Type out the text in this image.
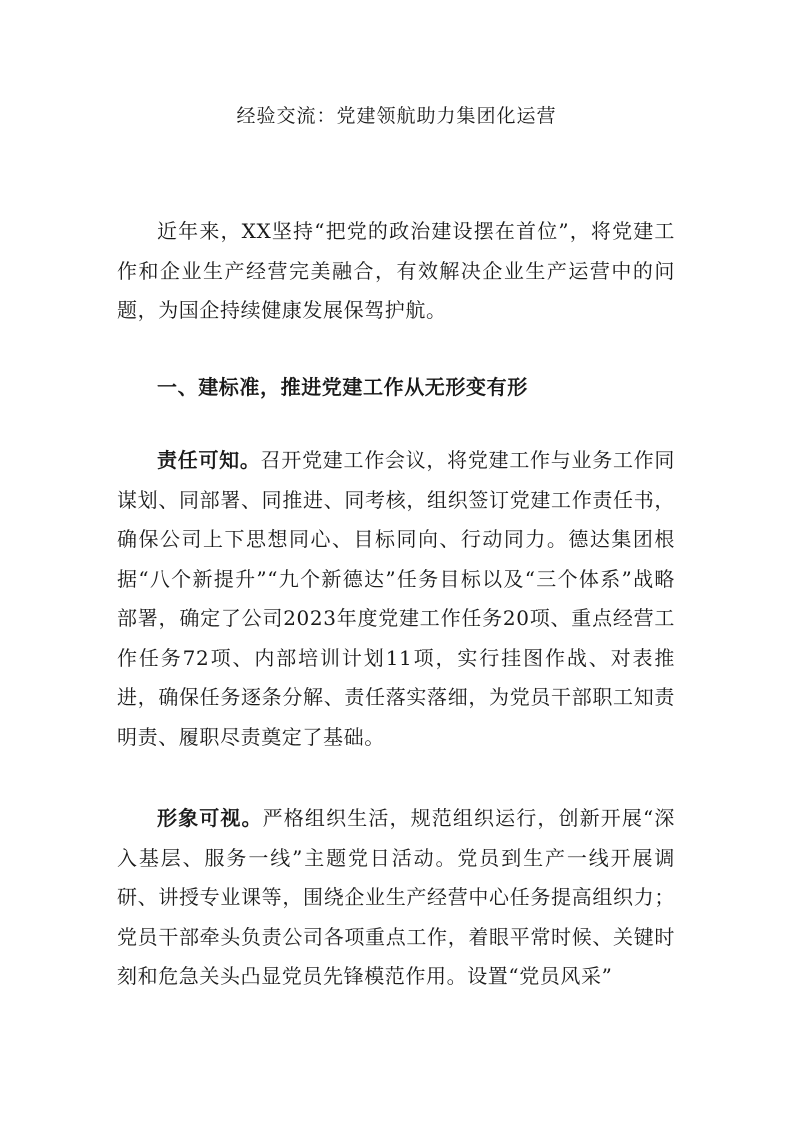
经验交流：党建领航助力集团化运营
近年来，XX坚持“把党的政治建设摆在首位”，将党建工作和企业生产经营完美融合，有效解决企业生产运营中的问题，为国企持续健康发展保驾护航。
一、建标准，推进党建工作从无形变有形
责任可知。召开党建工作会议，将党建工作与业务工作同谋划、同部署、同推进、同考核，组织签订党建工作责任书，确保公司上下思想同心、目标同向、行动同力。德达集团根据“八个新提升”“九个新德达”任务目标以及“三个体系”战略部署，确定了公司2023年度党建工作任务20项、重点经营工作任务72项、内部培训计划11项，实行挂图作战、对表推进，确保任务逐条分解、责任落实落细，为党员干部职工知责明责、履职尽责奠定了基础。
形象可视。严格组织生活，规范组织运行，创新开展“深入基层、服务一线”主题党日活动。党员到生产一线开展调研、讲授专业课等，围绕企业生产经营中心任务提高组织力；党员干部牵头负责公司各项重点工作，着眼平常时候、关键时刻和危急关头凸显党员先锋模范作用。设置“党员风采”
